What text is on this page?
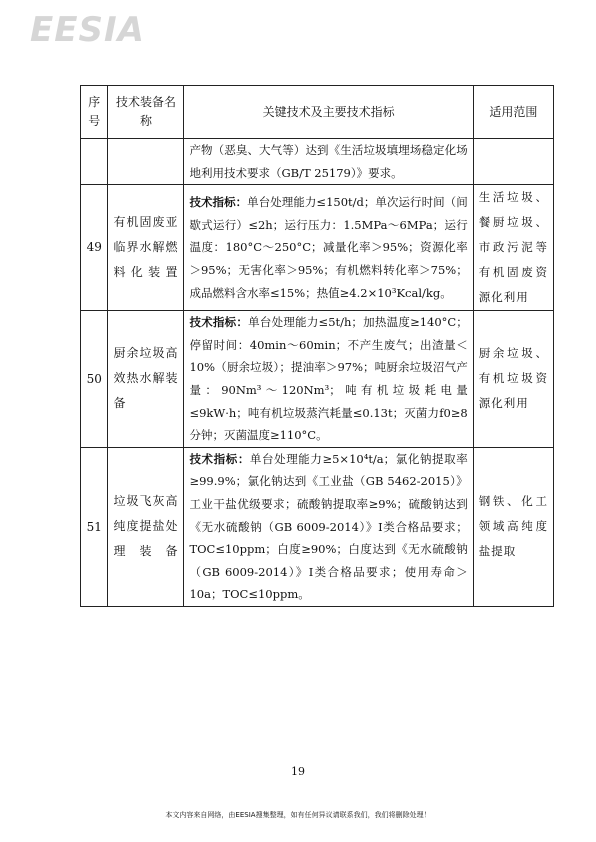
EESIA
序号	技术装备名称	关键技术及主要技术指标	适用范围
		产物（恶臭、大气等）达到《生活垃圾填埋场稳定化场地利用技术要求（GB/T 25179）》要求。	
49	有机固废亚临界水解燃料化装置	技术指标：单台处理能力≤150t/d；单次运行时间（间歇式运行）≤2h；运行压力：1.5MPa～6MPa；运行温度：180°C～250°C；减量化率＞95%；资源化率＞95%；无害化率＞95%；有机燃料转化率＞75%；成品燃料含水率≤15%；热值≥4.2×10³Kcal/kg。	生活垃圾、餐厨垃圾、市政污泥等有机固废资源化利用
50	厨余垃圾高效热水解装备	技术指标：单台处理能力≤5t/h；加热温度≥140°C；停留时间：40min～60min；不产生废气；出渣量＜10%（厨余垃圾）；提油率＞97%；吨厨余垃圾沼气产量：90Nm³～120Nm³；吨有机垃圾耗电量≤9kW·h；吨有机垃圾蒸汽耗量≤0.13t；灭菌力f0≥8分钟；灭菌温度≥110°C。	厨余垃圾、有机垃圾资源化利用
51	垃圾飞灰高纯度提盐处理装备	技术指标：单台处理能力≥5×10⁴t/a；氯化钠提取率≥99.9%；氯化钠达到《工业盐（GB 5462-2015）》工业干盐优级要求；硫酸钠提取率≥9%；硫酸钠达到《无水硫酸钠（GB 6009-2014）》I类合格品要求；TOC≤10ppm；白度≥90%；白度达到《无水硫酸钠（GB 6009-2014）》I类合格品要求；使用寿命＞10a；TOC≤10ppm。	钢铁、化工领域高纯度盐提取
19
本文内容来自网络，由EESIA搜集整理，如有任何异议请联系我们，我们将删除处理！
